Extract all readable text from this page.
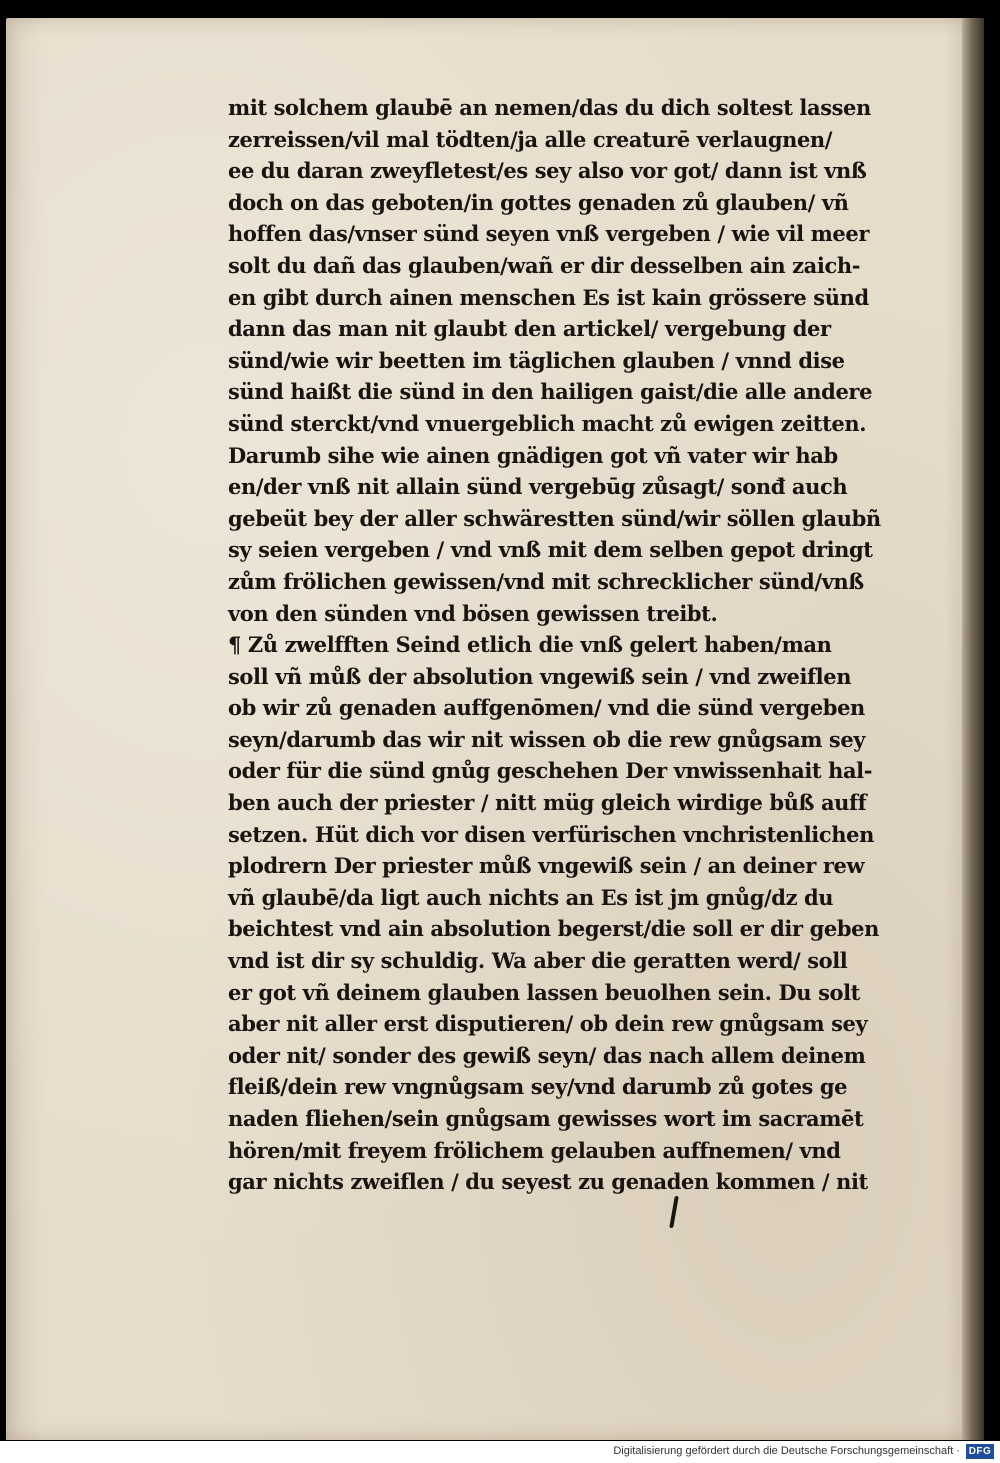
mit solchem glaubē an nemen/das du dich soltest lassen
zerreissen/vil mal tödten/ja alle creaturē verlaugnen/
ee du daran zweyfletest/es sey also vor got/ dann ist vnß
doch on das geboten/in gottes genaden zů glauben/ vñ
hoffen das/vnser sünd seyen vnß vergeben / wie vil meer
solt du dañ das glauben/wañ er dir desselben ain zaich-
en gibt durch ainen menschen Es ist kain grössere sünd
dann das man nit glaubt den artickel/ vergebung der
sünd/wie wir beetten im täglichen glauben / vnnd dise
sünd haißt die sünd in den hailigen gaist/die alle andere
sünd sterckt/vnd vnuergeblich macht zů ewigen zeitten.
Darumb sihe wie ainen gnädigen got vñ vater wir hab
en/der vnß nit allain sünd vergebūg zůsagt/ sonđ auch
gebeüt bey der aller schwärestten sünd/wir söllen glaubñ
sy seien vergeben / vnd vnß mit dem selben gepot dringt
zům frölichen gewissen/vnd mit schrecklicher sünd/vnß
von den sünden vnd bösen gewissen treibt.
¶ Zů zwelfften Seind etlich die vnß gelert haben/man
soll vñ můß der absolution vngewiß sein / vnd zweiflen
ob wir zů genaden auffgenōmen/ vnd die sünd vergeben
seyn/darumb das wir nit wissen ob die rew gnůgsam sey
oder für die sünd gnůg geschehen Der vnwissenhait hal-
ben auch der priester / nitt müg gleich wirdige bůß auff
setzen. Hüt dich vor disen verfürischen vnchristenlichen
plodrern Der priester můß vngewiß sein / an deiner rew
vñ glaubē/da ligt auch nichts an Es ist jm gnůg/dz du
beichtest vnd ain absolution begerst/die soll er dir geben
vnd ist dir sy schuldig. Wa aber die geratten werd/ soll
er got vñ deinem glauben lassen beuolhen sein. Du solt
aber nit aller erst disputieren/ ob dein rew gnůgsam sey
oder nit/ sonder des gewiß seyn/ das nach allem deinem
fleiß/dein rew vngnůgsam sey/vnd darumb zů gotes ge
naden fliehen/sein gnůgsam gewisses wort im sacramēt
hören/mit freyem frölichem gelauben auffnemen/ vnd
gar nichts zweiflen / du seyest zu genaden kommen / nit
Digitalisierung gefördert durch die Deutsche Forschungsgemeinschaft · DFG
